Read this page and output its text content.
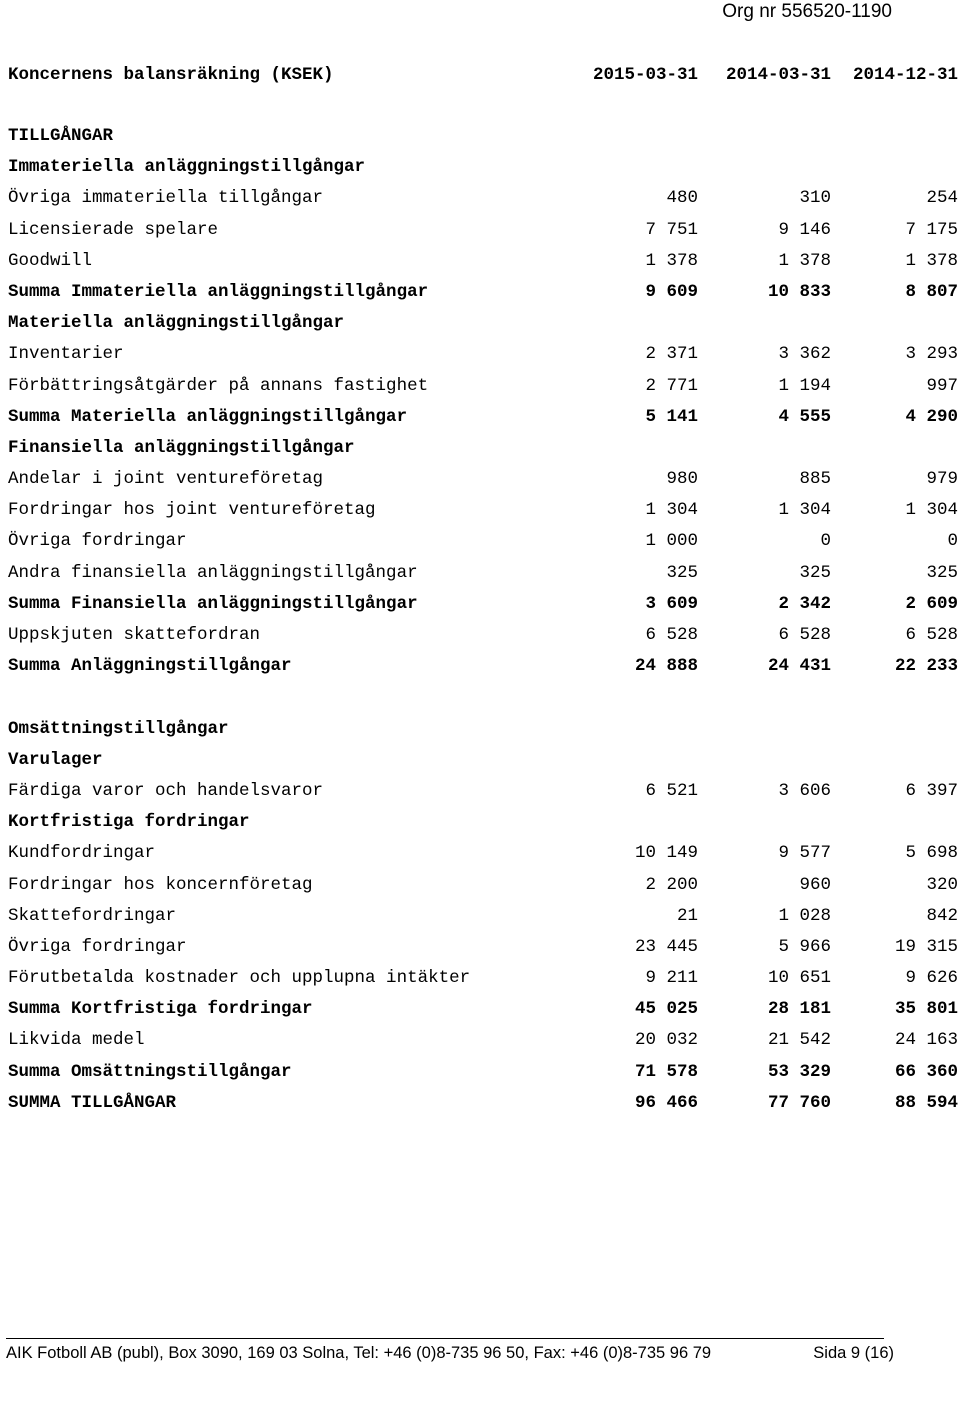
Org nr 556520-1190
Koncernens balansräkning (KSEK)	2015-03-31 2014-03-31 2014-12-31
TILLGÅNGAR
Immateriella anläggningstillgångar
Övriga immateriella tillgångar	480	310	254
Licensierade spelare	7 751	9 146	7 175
Goodwill	1 378	1 378	1 378
Summa Immateriella anläggningstillgångar	9 609	10 833	8 807
Materiella anläggningstillgångar
Inventarier	2 371	3 362	3 293
Förbättringsåtgärder på annans fastighet	2 771	1 194	997
Summa Materiella anläggningstillgångar	5 141	4 555	4 290
Finansiella anläggningstillgångar
Andelar i joint ventureföretag	980	885	979
Fordringar hos joint ventureföretag	1 304	1 304	1 304
Övriga fordringar	1 000	0	0
Andra finansiella anläggningstillgångar	325	325	325
Summa Finansiella anläggningstillgångar	3 609	2 342	2 609
Uppskjuten skattefordran	6 528	6 528	6 528
Summa Anläggningstillgångar	24 888	24 431	22 233
Omsättningstillgångar
Varulager
Färdiga varor och handelsvaror	6 521	3 606	6 397
Kortfristiga fordringar
Kundfordringar	10 149	9 577	5 698
Fordringar hos koncernföretag	2 200	960	320
Skattefordringar	21	1 028	842
Övriga fordringar	23 445	5 966	19 315
Förutbetalda kostnader och upplupna intäkter	9 211	10 651	9 626
Summa Kortfristiga fordringar	45 025	28 181	35 801
Likvida medel	20 032	21 542	24 163
Summa Omsättningstillgångar	71 578	53 329	66 360
SUMMA TILLGÅNGAR	96 466	77 760	88 594

AIK Fotboll AB (publ), Box 3090, 169 03 Solna, Tel: +46 (0)8-735 96 50, Fax: +46 (0)8-735 96 79

	Sida 9 (16)
